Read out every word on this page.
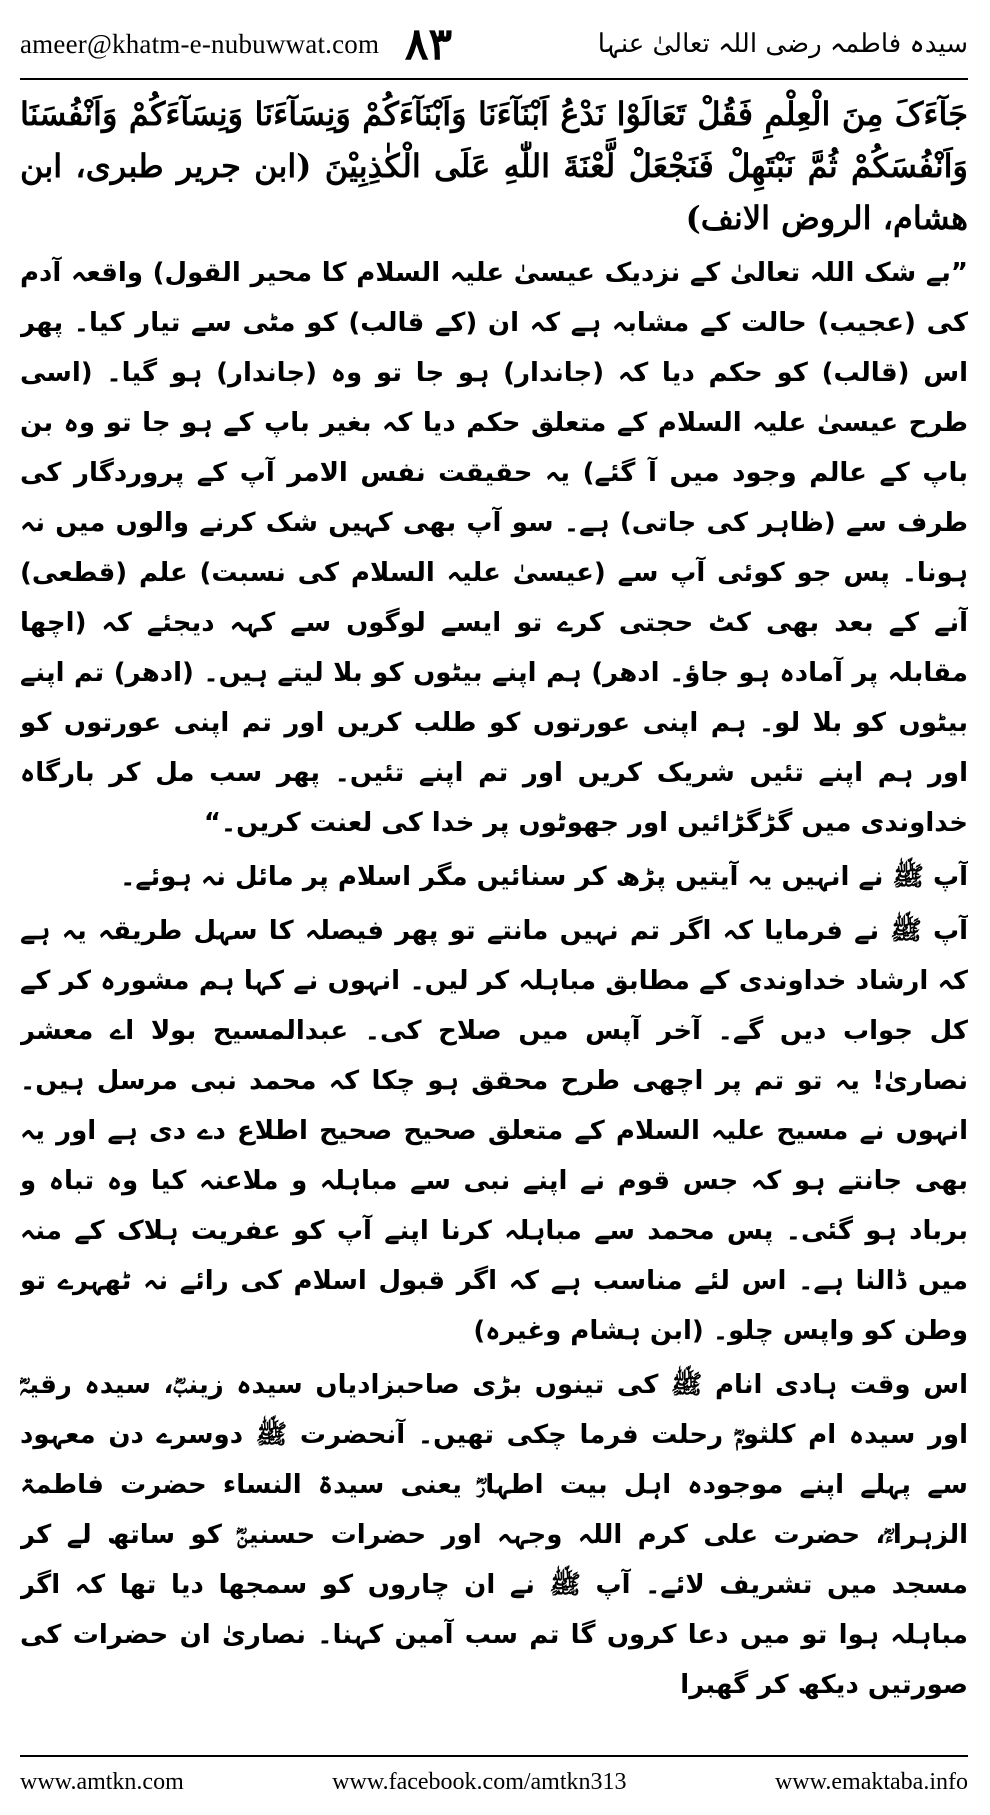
ameer@khatm-e-nubuwwat.com ۸۳	سیدہ فاطمہ رضی اللہ تعالیٰ عنہا

جَآءَکَ مِنَ الْعِلْمِ فَقُلْ تَعَالَوْا نَدْعُ اَبْنَآءَنَا وَاَبْنَآءَکُمْ وَنِسَآءَنَا وَنِسَآءَکُمْ وَاَنْفُسَنَا وَاَنْفُسَکُمْ ثُمَّ نَبْتَهِلْ فَنَجْعَلْ لَّعْنَةَ اللّٰهِ عَلَی الْکٰذِبِیْنَ (ابن جریر طبری، ابن هشام، الروض الانف)

”بے شک اللہ تعالیٰ کے نزدیک عیسیٰ علیہ السلام کا محیر القول) واقعہ آدم کی (عجیب) حالت کے مشابہ ہے کہ ان (کے قالب) کو مٹی سے تیار کیا۔ پھر اس (قالب) کو حکم دیا کہ (جاندار) ہو جا تو وہ (جاندار) ہو گیا۔ (اسی طرح عیسیٰ علیہ السلام کے متعلق حکم دیا کہ بغیر باپ کے ہو جا تو وہ بن باپ کے عالم وجود میں آ گئے) یہ حقیقت نفس الامر آپ کے پروردگار کی طرف سے (ظاہر کی جاتی) ہے۔ سو آپ بھی کہیں شک کرنے والوں میں نہ ہونا۔ پس جو کوئی آپ سے (عیسیٰ علیہ السلام کی نسبت) علم (قطعی) آنے کے بعد بھی کٹ حجتی کرے تو ایسے لوگوں سے کہہ دیجئے کہ (اچھا مقابلہ پر آمادہ ہو جاؤ۔ ادھر) ہم اپنے بیٹوں کو بلا لیتے ہیں۔ (ادھر) تم اپنے بیٹوں کو بلا لو۔ ہم اپنی عورتوں کو طلب کریں اور تم اپنی عورتوں کو اور ہم اپنے تئیں شریک کریں اور تم اپنے تئیں۔ پھر سب مل کر بارگاہ خداوندی میں گڑگڑائیں اور جھوٹوں پر خدا کی لعنت کریں۔“

آپ ﷺ نے انہیں یہ آیتیں پڑھ کر سنائیں مگر اسلام پر مائل نہ ہوئے۔

آپ ﷺ نے فرمایا کہ اگر تم نہیں مانتے تو پھر فیصلہ کا سہل طریقہ یہ ہے کہ ارشاد خداوندی کے مطابق مباہلہ کر لیں۔ انہوں نے کہا ہم مشورہ کر کے کل جواب دیں گے۔ آخر آپس میں صلاح کی۔ عبدالمسیح بولا اے معشر نصاریٰ! یہ تو تم پر اچھی طرح محقق ہو چکا کہ محمد نبی مرسل ہیں۔ انہوں نے مسیح علیہ السلام کے متعلق صحیح صحیح اطلاع دے دی ہے اور یہ بھی جانتے ہو کہ جس قوم نے اپنے نبی سے مباہلہ و ملاعنہ کیا وہ تباہ و برباد ہو گئی۔ پس محمد سے مباہلہ کرنا اپنے آپ کو عفریت ہلاک کے منہ میں ڈالنا ہے۔ اس لئے مناسب ہے کہ اگر قبول اسلام کی رائے نہ ٹھہرے تو وطن کو واپس چلو۔ (ابن ہشام وغیرہ)

اس وقت ہادی انام ﷺ کی تینوں بڑی صاحبزادیاں سیدہ زینبؓ، سیدہ رقیہؓ اور سیدہ ام کلثومؓ رحلت فرما چکی تھیں۔ آنحضرت ﷺ دوسرے دن معہود سے پہلے اپنے موجودہ اہل بیت اطہارؓ یعنی سیدۃ النساء حضرت فاطمۃ الزہراءؓ، حضرت علی کرم اللہ وجہہ اور حضرات حسنینؓ کو ساتھ لے کر مسجد میں تشریف لائے۔ آپ ﷺ نے ان چاروں کو سمجھا دیا تھا کہ اگر مباہلہ ہوا تو میں دعا کروں گا تم سب آمین کہنا۔ نصاریٰ ان حضرات کی صورتیں دیکھ کر گھبرا

www.amtkn.com	www.facebook.com/amtkn313	www.emaktaba.info
